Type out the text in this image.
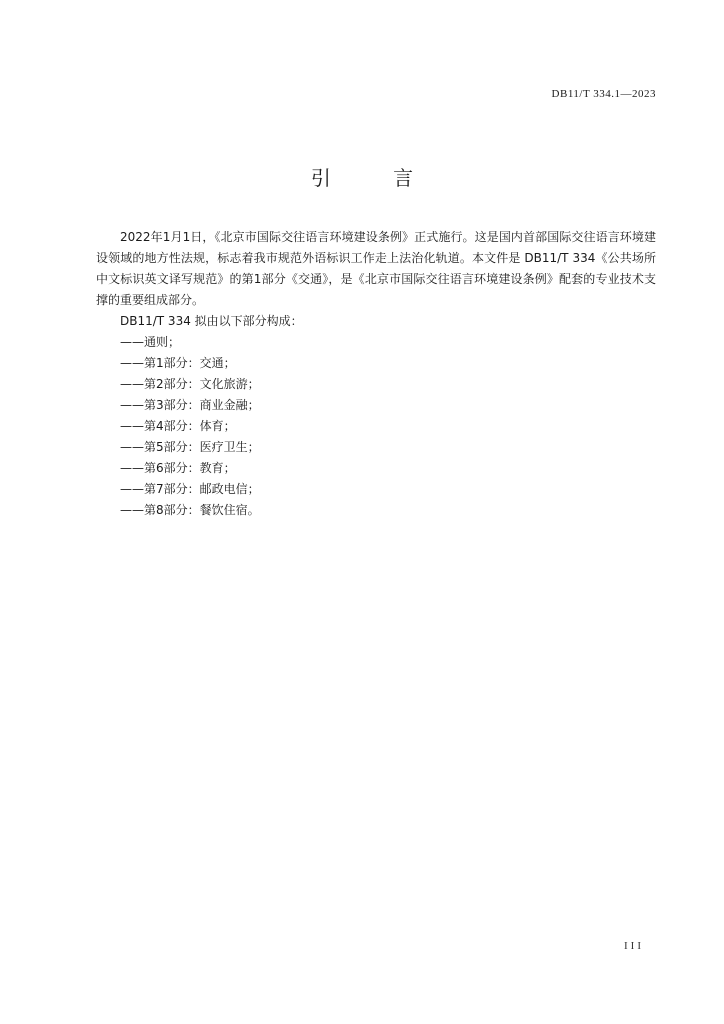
DB11/T 334.1—2023
引 言

2022年1月1日，《北京市国际交往语言环境建设条例》正式施行。这是国内首部国际交往语言环境建设领域的地方性法规，标志着我市规范外语标识工作走上法治化轨道。本文件是 DB11/T 334《公共场所中文标识英文译写规范》的第1部分《交通》，是《北京市国际交往语言环境建设条例》配套的专业技术支撑的重要组成部分。

DB11/T 334 拟由以下部分构成：

——通则；
——第1部分：交通；
——第2部分：文化旅游；
——第3部分：商业金融；
——第4部分：体育；
——第5部分：医疗卫生；
——第6部分：教育；
——第7部分：邮政电信；
——第8部分：餐饮住宿。
III
